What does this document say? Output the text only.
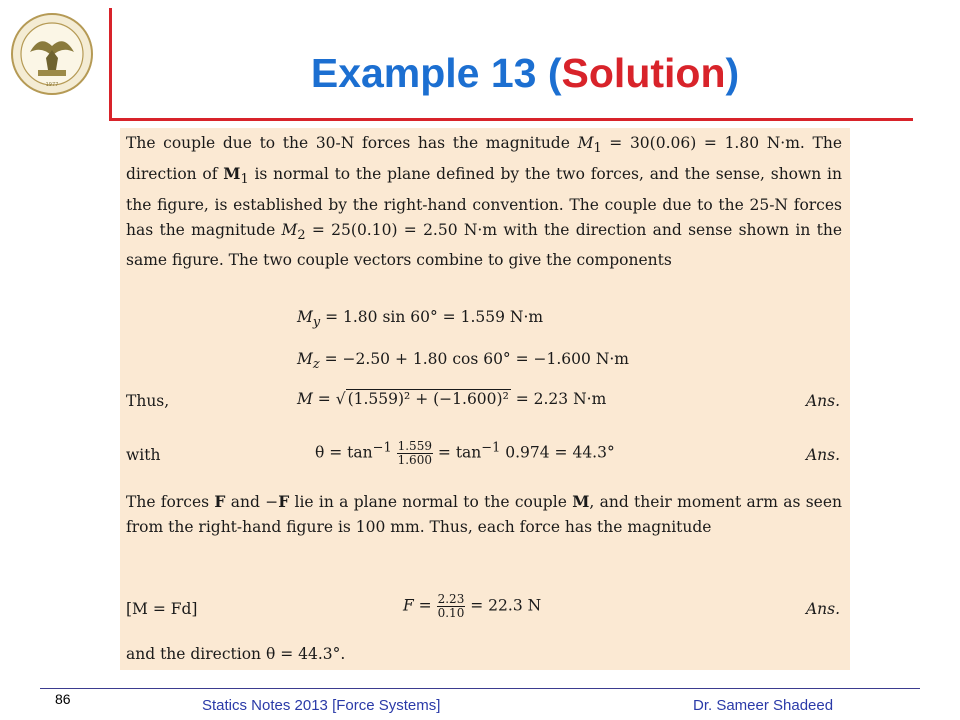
1977	Example 13 (Solution)
The couple due to the 30-N forces has the magnitude $M_1 = 30(0.06) = 1.80$ N·m. The direction of $M_1$ is normal to the plane defined by the two forces, and the sense, shown in the figure, is established by the right-hand convention. The couple due to the 25-N forces has the magnitude $M_2 = 25(0.10) = 2.50$ N·m with the direction and sense shown in the same figure. The two couple vectors combine to give the components
$M_y = 1.80$ sin 60° = 1.559 N·m
$M_z = -2.50 + 1.80$ cos 60° = −1.600 N·m
Thus,	M = √ (1.559)² + (−1.600)² = 2.23 N·m	Ans.
with	$\theta = \tan^{-1} \frac{1.559}{1.600} = \tan^{-1} 0.974 = 44.3^\circ$	Ans.
The forces F and −F lie in a plane normal to the couple M, and their moment arm as seen from the right-hand figure is 100 mm. Thus, each force has the magnitude
[M = Fd]	$F = \frac{2.23}{0.10} = 22.3$ N	Ans.
and the direction θ = 44.3°.
86	Statics Notes 2013 [Force Systems]	Dr. Sameer Shadeed
